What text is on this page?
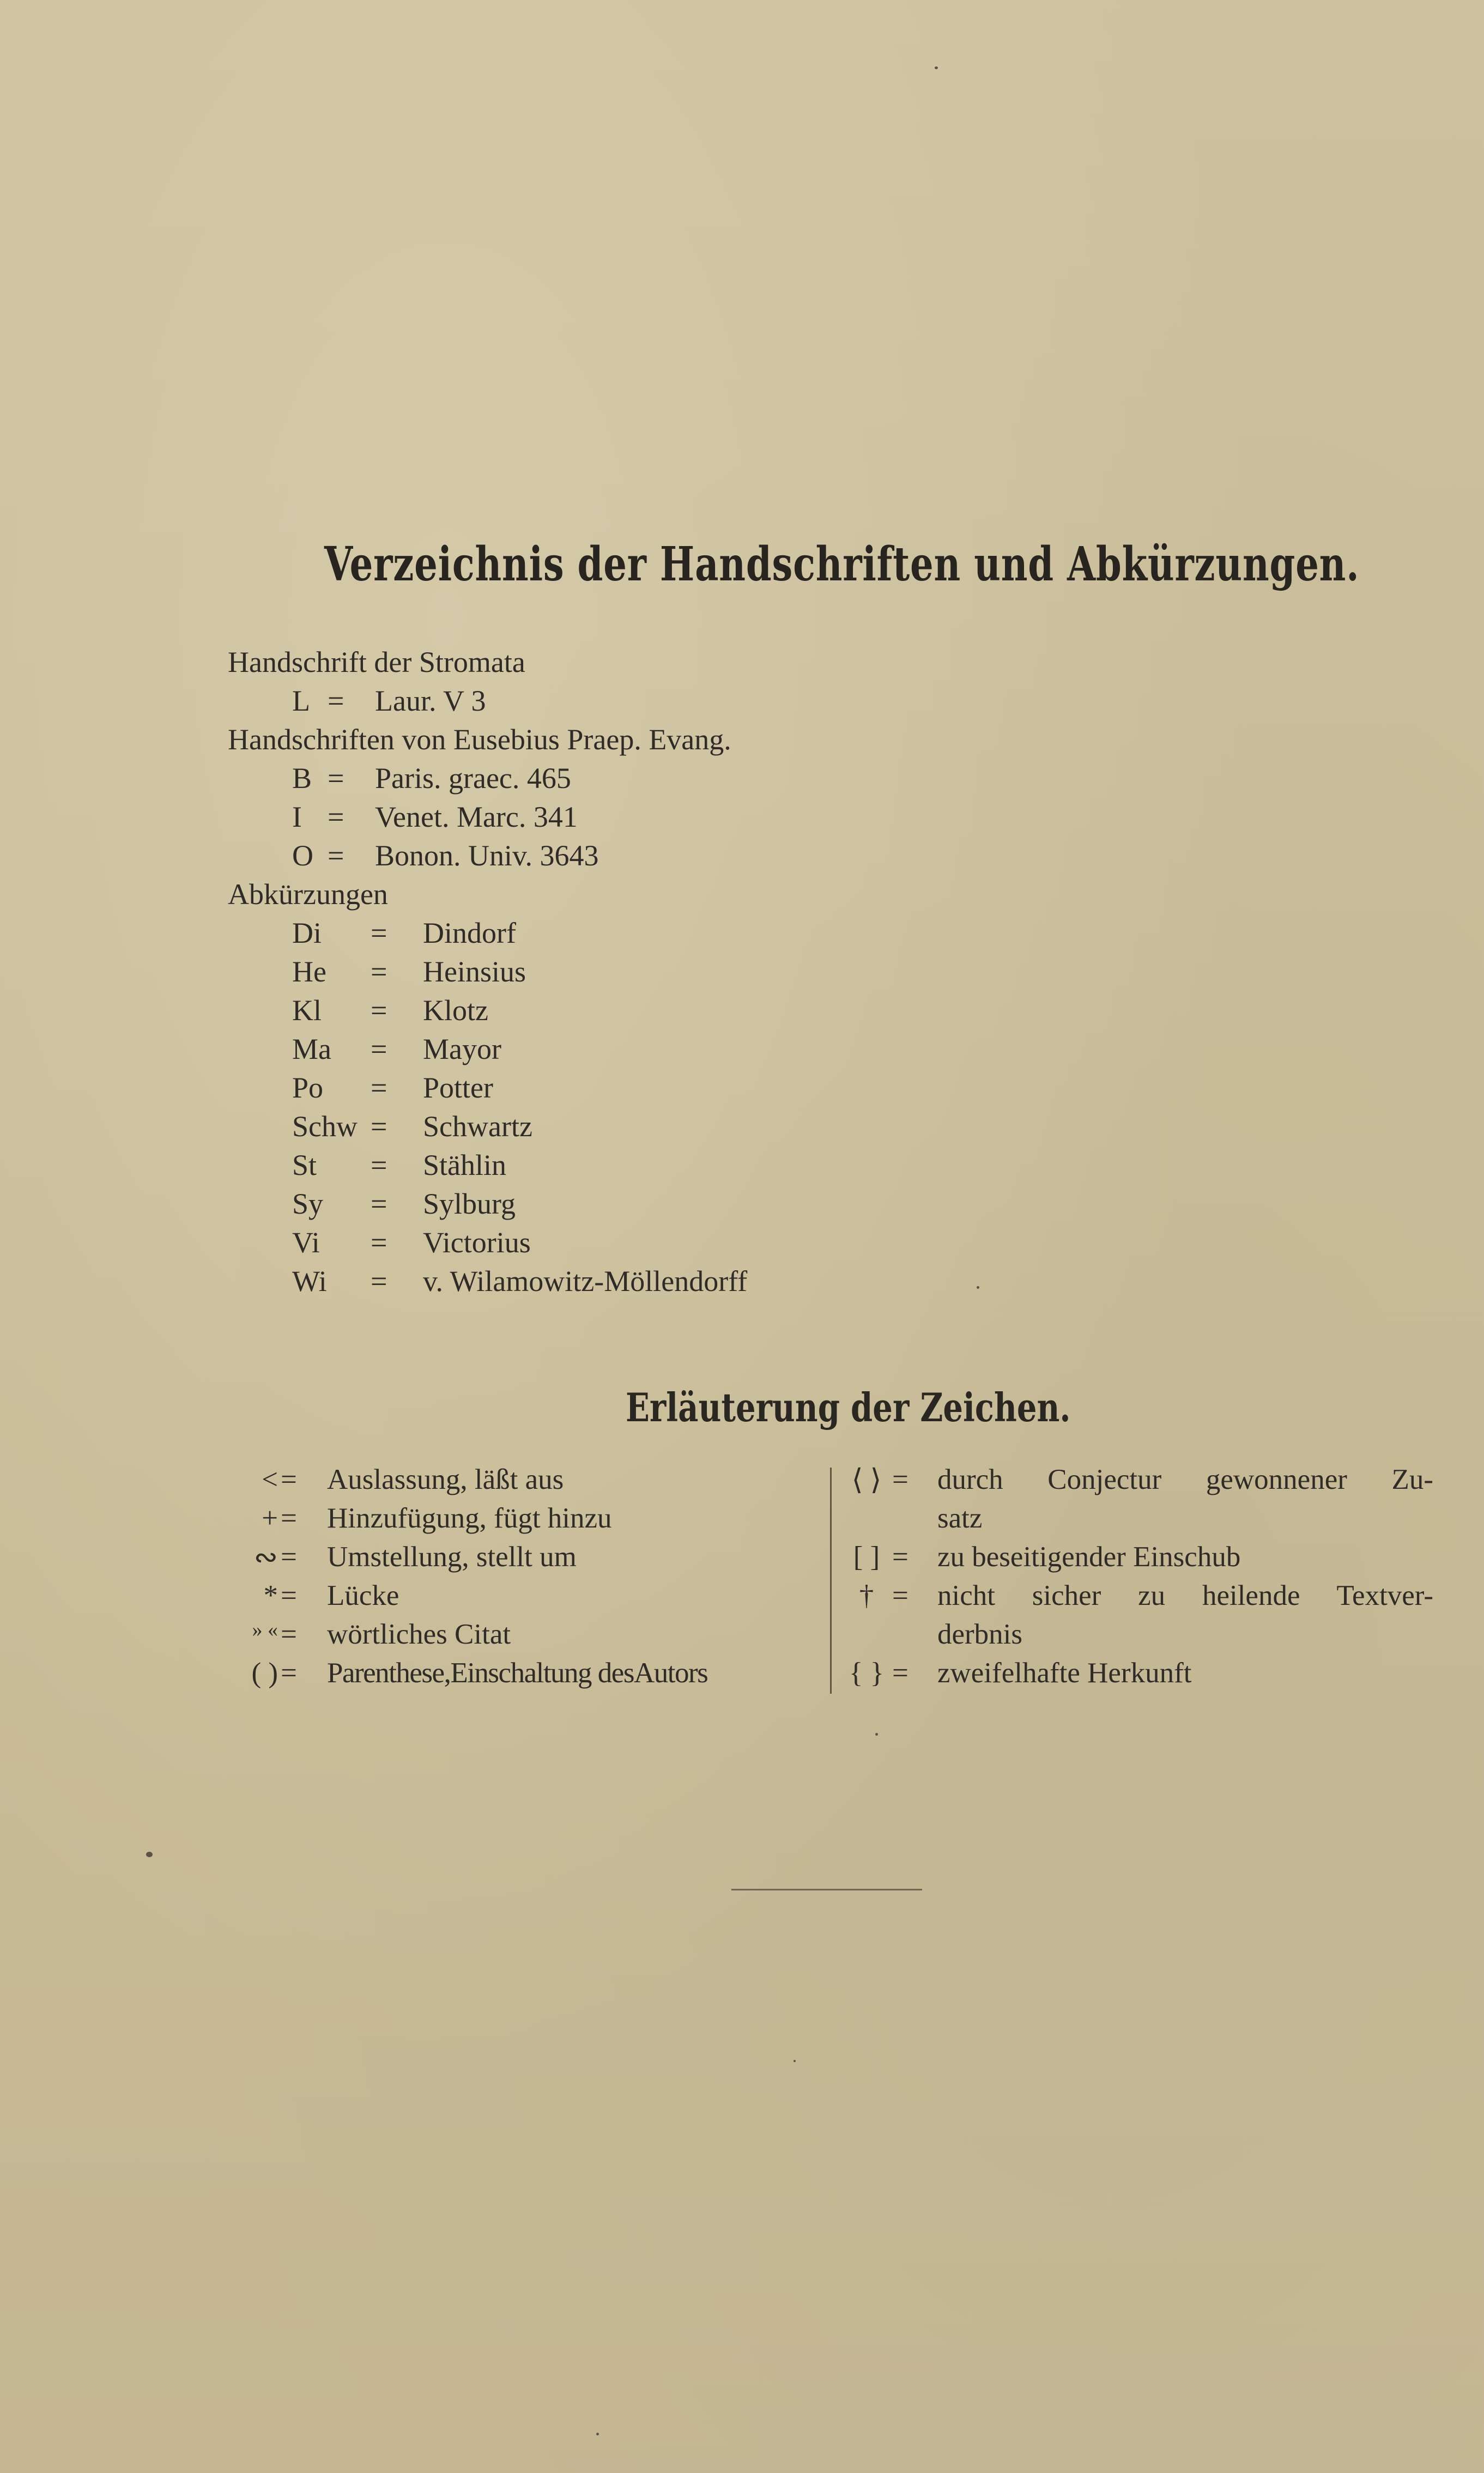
Verzeichnis der Handschriften und Abkürzungen.
Handschrift der Stromata
L = Laur. V 3
Handschriften von Eusebius Praep. Evang.
B = Paris. graec. 465
I = Venet. Marc. 341
O = Bonon. Univ. 3643
Abkürzungen
Di = Dindorf
He = Heinsius
Kl = Klotz
Ma = Mayor
Po = Potter
Schw = Schwartz
St = Stählin
Sy = Sylburg
Vi = Victorius
Wi = v. Wilamowitz-Möllendorff
Erläuterung der Zeichen.
< = Auslassung, läßt aus
+ = Hinzufügung, fügt hinzu
∾ = Umstellung, stellt um
* = Lücke
» « = wörtliches Citat
( ) = Parenthese,Einschaltung desAutors
⟨ ⟩ = durch Conjectur gewonnener Zu-
satz
[ ] = zu beseitigender Einschub
† = nicht sicher zu heilende Textver-
derbnis
{ } = zweifelhafte Herkunft
